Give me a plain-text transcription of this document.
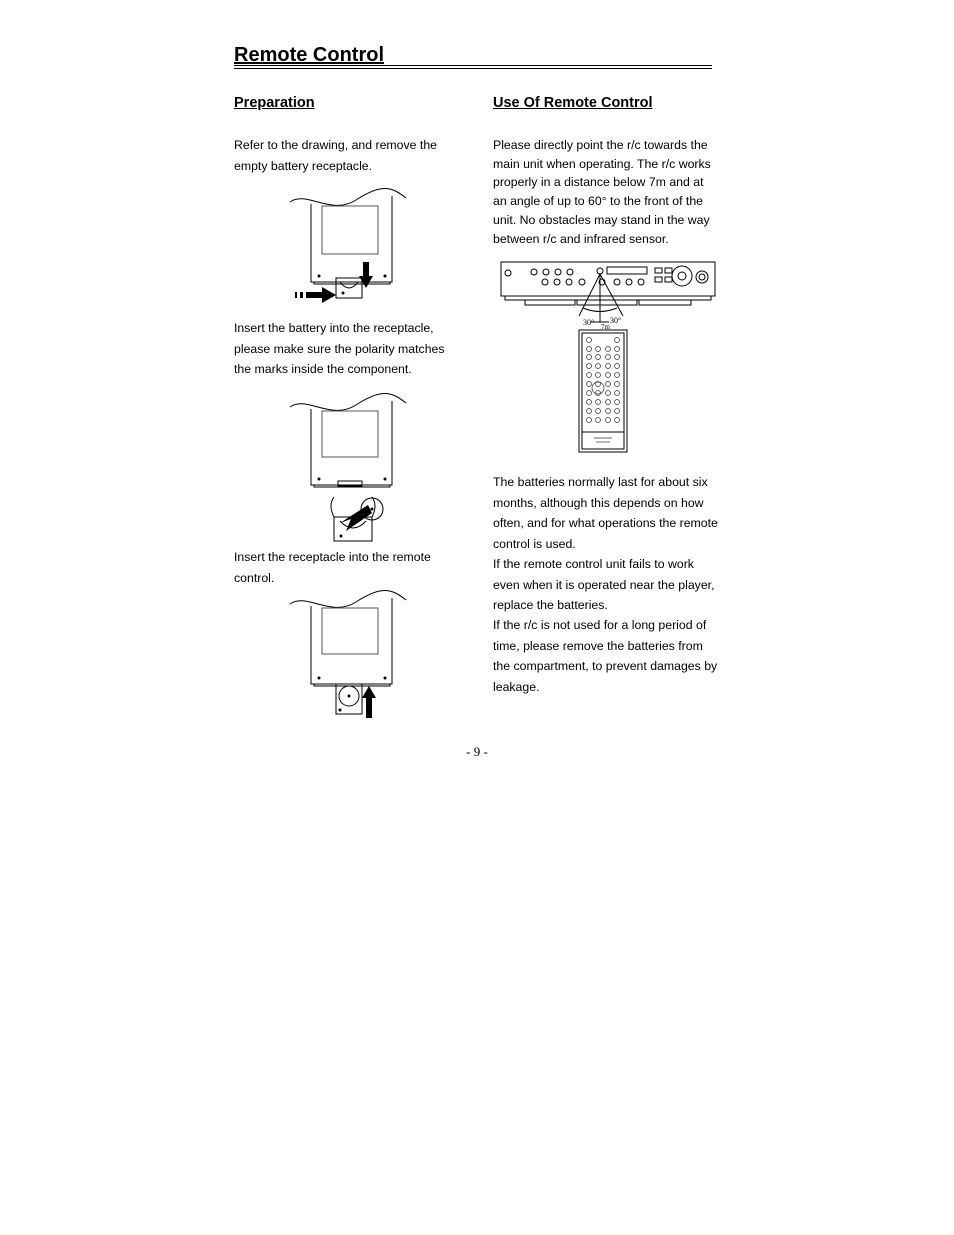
Remote Control
Preparation
Refer to the drawing, and remove the empty battery receptacle.
Insert the battery into the receptacle, please make sure the polarity matches the marks inside the component.
Insert the receptacle into the remote control.
Use Of Remote Control
Please directly point the r/c towards the main unit when operating. The r/c works properly in a distance below 7m and at an angle of up to 60° to the front of the unit. No obstacles may stand in the way between r/c and infrared sensor.
30° 30°
7m
The batteries normally last for about six months, although this depends on how often, and for what operations the remote control is used.
If the remote control unit fails to work even when it is operated near the player, replace the batteries.
If the r/c is not used for a long period of time, please remove the batteries from the compartment, to prevent damages by leakage.
- 9 -
